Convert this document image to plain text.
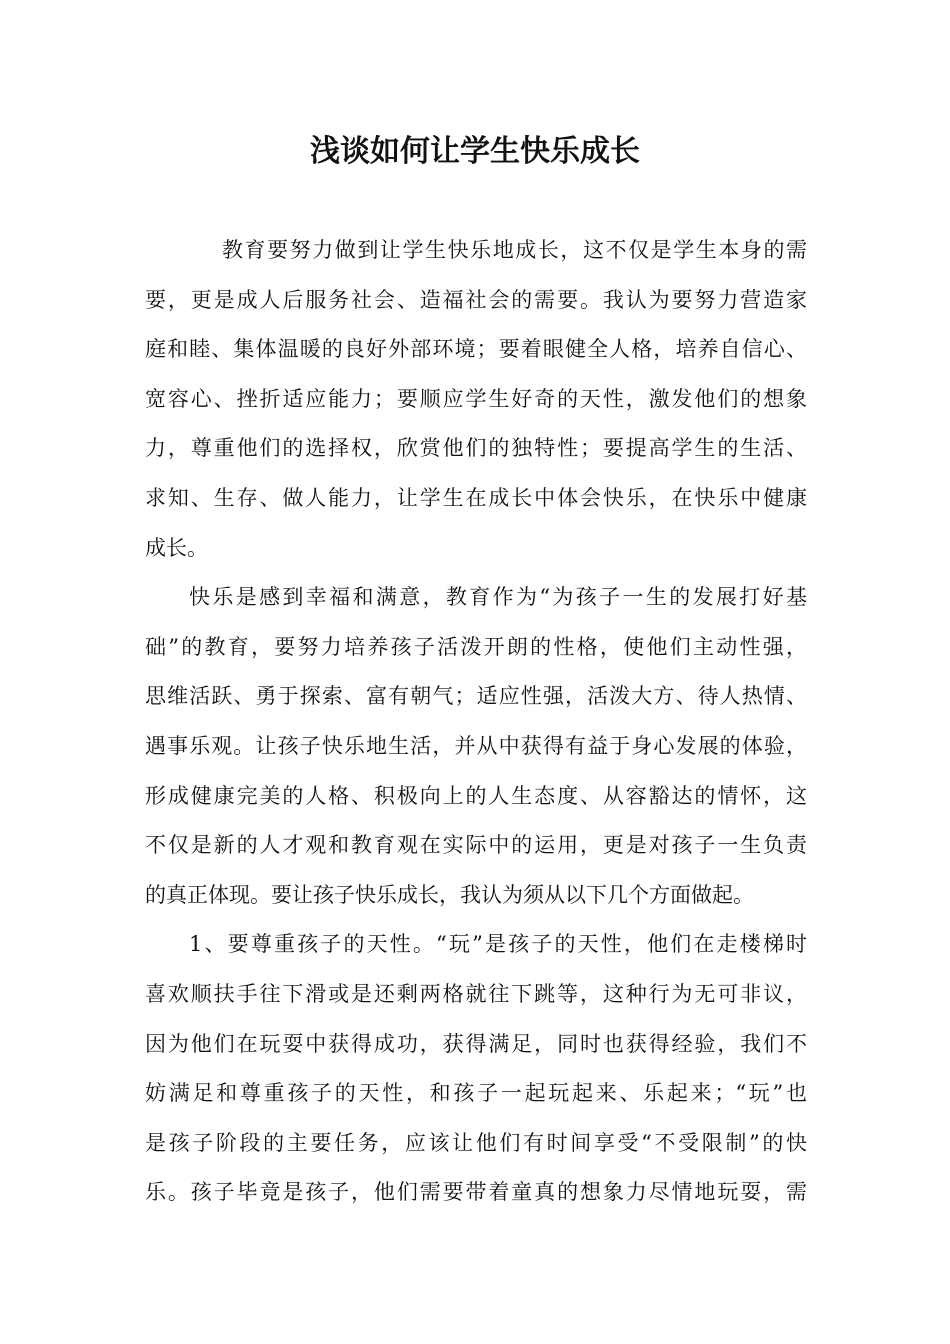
浅谈如何让学生快乐成长
教育要努力做到让学生快乐地成长，这不仅是学生本身的需
要，更是成人后服务社会、造福社会的需要。我认为要努力营造家
庭和睦、集体温暖的良好外部环境；要着眼健全人格，培养自信心、
宽容心、挫折适应能力；要顺应学生好奇的天性，激发他们的想象
力，尊重他们的选择权，欣赏他们的独特性；要提高学生的生活、
求知、生存、做人能力，让学生在成长中体会快乐，在快乐中健康
成长。
快乐是感到幸福和满意，教育作为“为孩子一生的发展打好基
础”的教育，要努力培养孩子活泼开朗的性格，使他们主动性强，
思维活跃、勇于探索、富有朝气；适应性强，活泼大方、待人热情、
遇事乐观。让孩子快乐地生活，并从中获得有益于身心发展的体验，
形成健康完美的人格、积极向上的人生态度、从容豁达的情怀，这
不仅是新的人才观和教育观在实际中的运用，更是对孩子一生负责
的真正体现。要让孩子快乐成长，我认为须从以下几个方面做起。
1、要尊重孩子的天性。“玩”是孩子的天性，他们在走楼梯时
喜欢顺扶手往下滑或是还剩两格就往下跳等，这种行为无可非议，
因为他们在玩耍中获得成功，获得满足，同时也获得经验，我们不
妨满足和尊重孩子的天性，和孩子一起玩起来、乐起来；“玩”也
是孩子阶段的主要任务，应该让他们有时间享受“不受限制”的快
乐。孩子毕竟是孩子，他们需要带着童真的想象力尽情地玩耍，需
